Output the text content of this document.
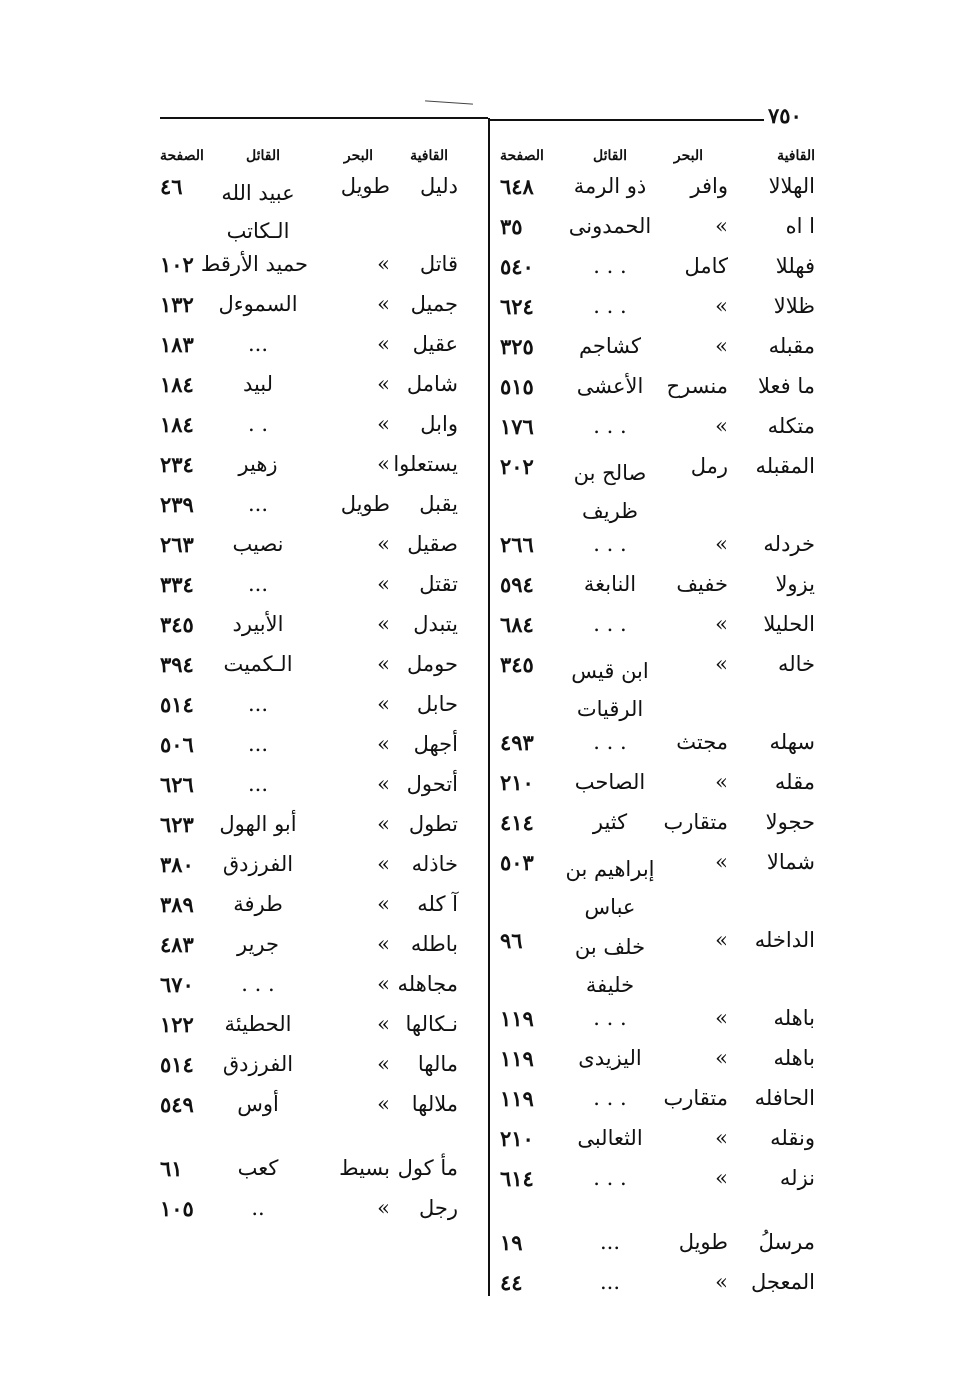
٧٥٠
القافية
البحر
القائل
الصفحة
الهلالا
وافر
ذو الرمة
٦٤٨
ا اه
»
الحمدونى
٣٥
فهللا
كامل
. . .
٥٤٠
ظلالا
»
. . .
٦٢٤
مقبله
»
كشاجم
٣٢٥
ما فعلا
منسرح
الأعشى
٥١٥
متكله
»
. . .
١٧٦
المقبله
رمل
صالح بن ظريف
٢٠٢
خردله
»
. . .
٢٦٦
يزولا
خفيف
النابغة
٥٩٤
الحليلا
»
. . .
٦٨٤
خاله
»
ابن قيس الرقيات
٣٤٥
سهله
مجتث
. . .
٤٩٣
مقله
»
الصاحب
٢١٠
حجولا
متقارب
كثير
٤١٤
شمالا
»
إبراهيم بن عباس
٥٠٣
الداخله
»
خلف بن خليفة
٩٦
باهله
»
. . .
١١٩
باهله
»
اليزيدى
١١٩
الحافله
متقارب
. . .
١١٩
ونقله
»
الثعالبى
٢١٠
نزله
»
. . .
٦١٤
مرسلُ
طويل
...
١٩
المعجل
»
...
٤٤
القافية
البحر
القائل
الصفحة
دليل
طويل
عبيد الله الـكاتب
٤٦
قاتل
»
حميد الأرقط
١٠٢
جميل
»
السموءل
١٣٢
عقيل
»
...
١٨٣
شامل
»
لبيد
١٨٤
وابل
»
. .
١٨٤
يستعلوا
»
زهير
٢٣٤
يقبل
طويل
...
٢٣٩
صقيل
»
نصيب
٢٦٣
تقتل
»
...
٣٣٤
يتبدل
»
الأبيرد
٣٤٥
حومل
»
الـكميت
٣٩٤
حابل
»
...
٥١٤
أجهل
»
...
٥٠٦
أتحول
»
...
٦٢٦
تطول
»
أبو الهول
٦٢٣
خاذله
»
الفرزدق
٣٨٠
آ كله
»
طرفة
٣٨٩
باطله
»
جرير
٤٨٣
مجاهله
»
. . .
٦٧٠
نـكالها
»
الحطيئة
١٢٢
مالها
»
الفرزدق
٥١٤
ملالها
»
أوس
٥٤٩
مأ كول
بسيط
كعب
٦١
رجل
»
..
١٠٥
